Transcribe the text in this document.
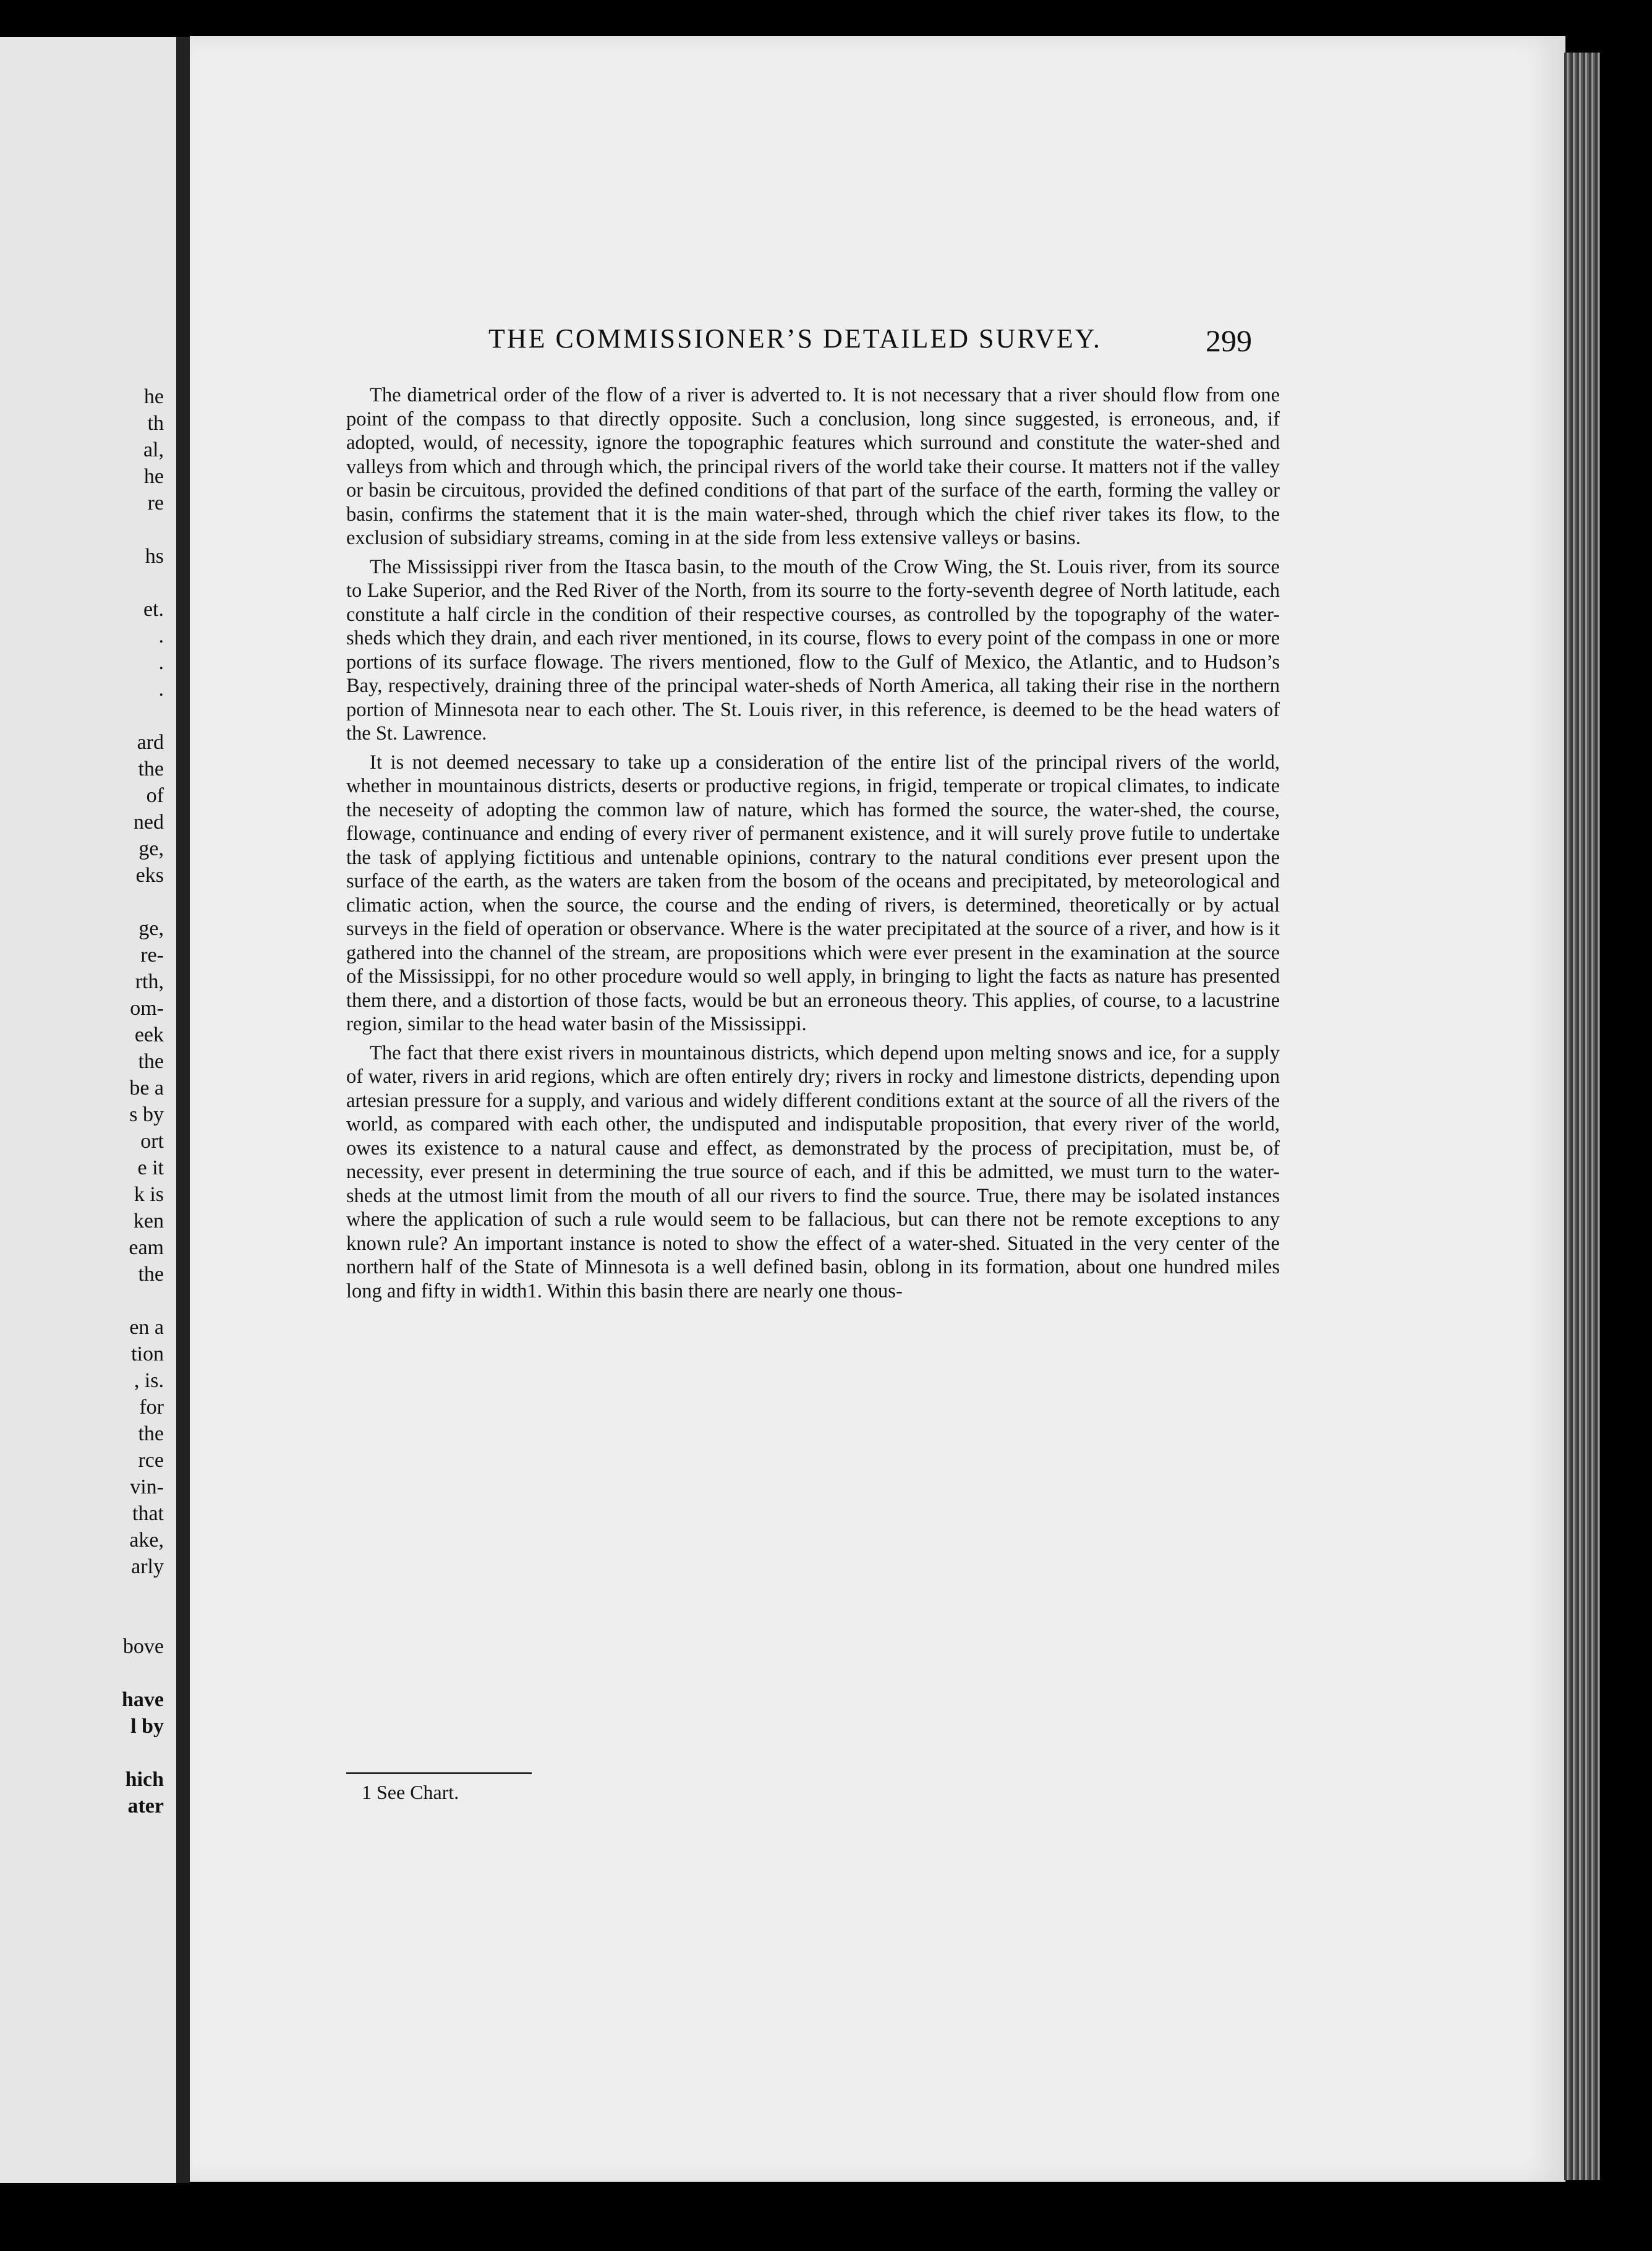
he
th
al,
he
re
hs
et.
.
.
.
ard
the
of
ned
ge,
eks
ge,
re-
rth,
om-
eek
the
be a
s by
ort
e it
k is
ken
eam
the
en a
tion
, is.
for
the
rce
vin-
that
ake,
arly
bove
have
l by
hich
ater
THE COMMISSIONER’S DETAILED SURVEY.	299

The diametrical order of the flow of a river is adverted to. It is not necessary that a river should flow from one point of the compass to that directly opposite. Such a conclusion, long since suggested, is erroneous, and, if adopted, would, of necessity, ignore the topographic features which surround and constitute the water-shed and valleys from which and through which, the principal rivers of the world take their course. It matters not if the valley or basin be circuitous, provided the defined conditions of that part of the surface of the earth, forming the valley or basin, confirms the statement that it is the main water-shed, through which the chief river takes its flow, to the exclusion of subsidiary streams, coming in at the side from less extensive valleys or basins.

The Mississippi river from the Itasca basin, to the mouth of the Crow Wing, the St. Louis river, from its source to Lake Superior, and the Red River of the North, from its sourre to the forty-seventh degree of North latitude, each constitute a half circle in the condition of their respective courses, as controlled by the topography of the water-sheds which they drain, and each river mentioned, in its course, flows to every point of the compass in one or more portions of its surface flowage. The rivers mentioned, flow to the Gulf of Mexico, the Atlantic, and to Hudson’s Bay, respectively, draining three of the principal water-sheds of North America, all taking their rise in the northern portion of Minnesota near to each other. The St. Louis river, in this reference, is deemed to be the head waters of the St. Lawrence.

It is not deemed necessary to take up a consideration of the entire list of the principal rivers of the world, whether in mountainous districts, deserts or productive regions, in frigid, temperate or tropical climates, to indicate the neceseity of adopting the common law of nature, which has formed the source, the water-shed, the course, flowage, continuance and ending of every river of permanent existence, and it will surely prove futile to undertake the task of applying fictitious and untenable opinions, contrary to the natural conditions ever present upon the surface of the earth, as the waters are taken from the bosom of the oceans and precipitated, by meteorological and climatic action, when the source, the course and the ending of rivers, is determined, theoretically or by actual surveys in the field of operation or observance. Where is the water precipitated at the source of a river, and how is it gathered into the channel of the stream, are propositions which were ever present in the examination at the source of the Mississippi, for no other procedure would so well apply, in bringing to light the facts as nature has presented them there, and a distortion of those facts, would be but an erroneous theory. This applies, of course, to a lacustrine region, similar to the head water basin of the Mississippi.

The fact that there exist rivers in mountainous districts, which depend upon melting snows and ice, for a supply of water, rivers in arid regions, which are often entirely dry; rivers in rocky and limestone districts, depending upon artesian pressure for a supply, and various and widely different conditions extant at the source of all the rivers of the world, as compared with each other, the undisputed and indisputable proposition, that every river of the world, owes its existence to a natural cause and effect, as demonstrated by the process of precipitation, must be, of necessity, ever present in determining the true source of each, and if this be admitted, we must turn to the water-sheds at the utmost limit from the mouth of all our rivers to find the source. True, there may be isolated instances where the application of such a rule would seem to be fallacious, but can there not be remote exceptions to any known rule? An important instance is noted to show the effect of a water-shed. Situated in the very center of the northern half of the State of Minnesota is a well defined basin, oblong in its formation, about one hundred miles long and fifty in width1. Within this basin there are nearly one thous-

1 See Chart.
